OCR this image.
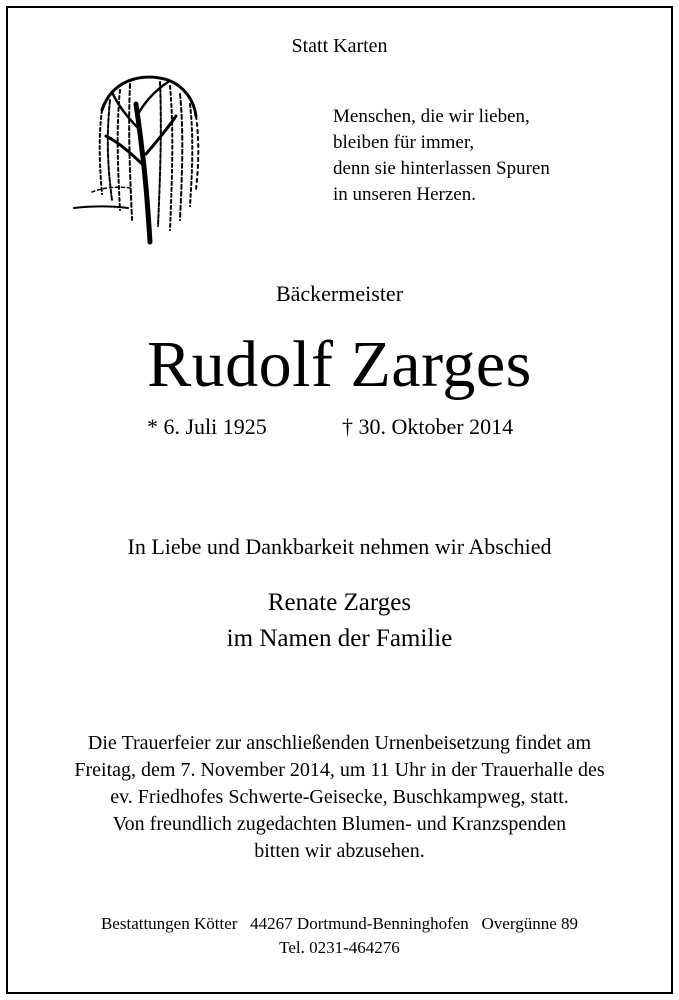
Statt Karten
Menschen, die wir lieben,
bleiben für immer,
denn sie hinterlassen Spuren
in unseren Herzen.
Bäckermeister
Rudolf Zarges
* 6. Juli 1925	† 30. Oktober 2014
In Liebe und Dankbarkeit nehmen wir Abschied
Renate Zarges
im Namen der Familie
Die Trauerfeier zur anschließenden Urnenbeisetzung findet am
Freitag, dem 7. November 2014, um 11 Uhr in der Trauerhalle des
ev. Friedhofes Schwerte-Geisecke, Buschkampweg, statt.
Von freundlich zugedachten Blumen- und Kranzspenden
bitten wir abzusehen.
Bestattungen Kötter 44267 Dortmund-Benninghofen Overgünne 89
Tel. 0231-464276
